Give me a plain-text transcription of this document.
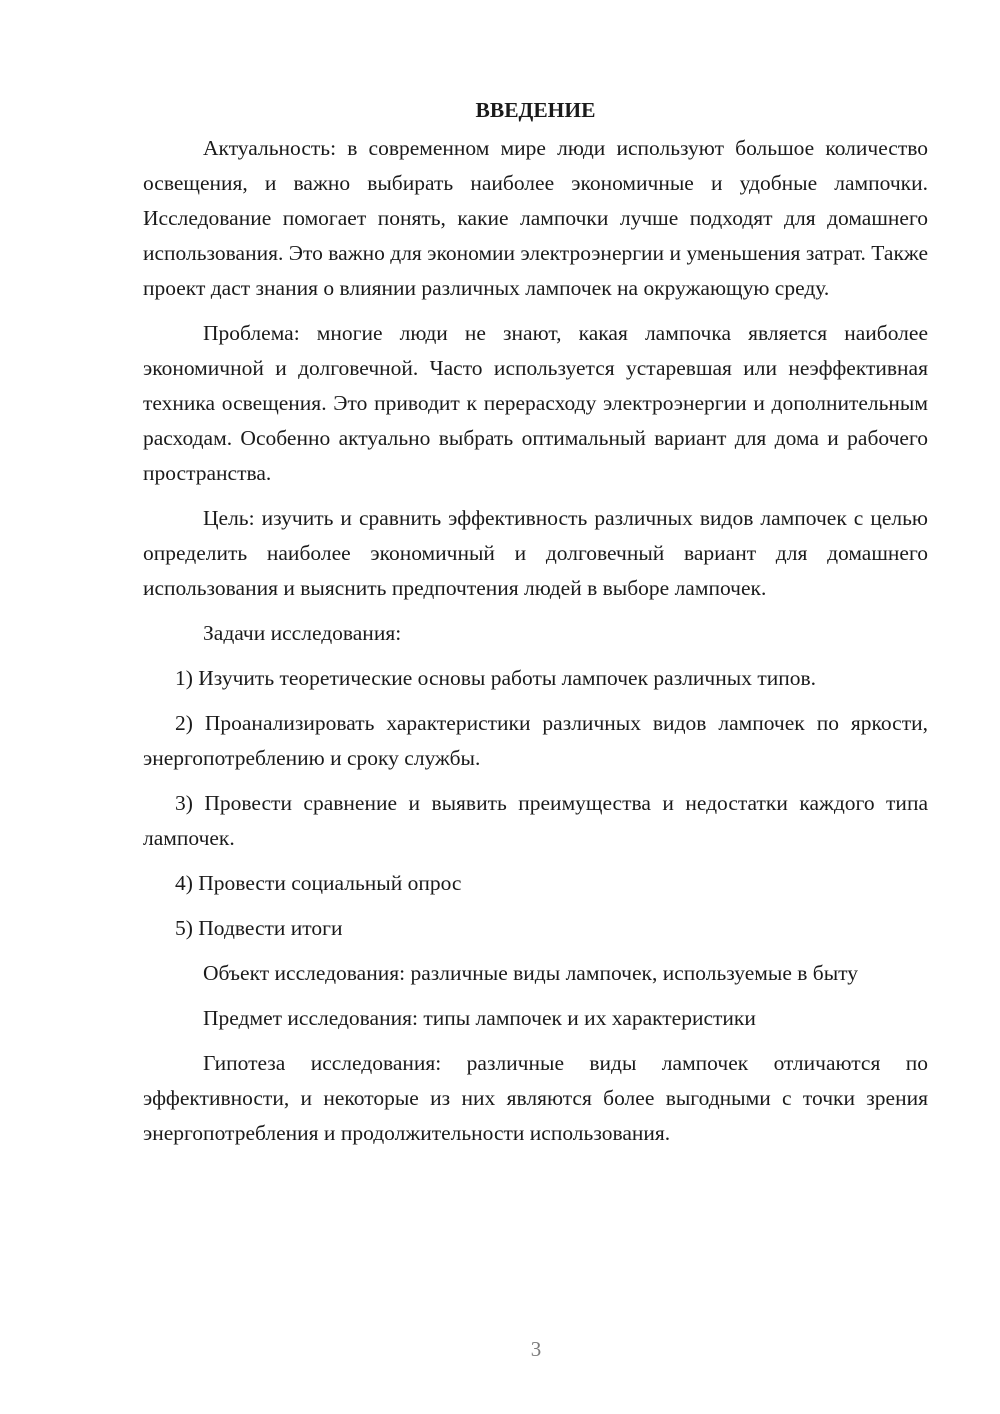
ВВЕДЕНИЕ

Актуальность: в современном мире люди используют большое количество освещения, и важно выбирать наиболее экономичные и удобные лампочки. Исследование помогает понять, какие лампочки лучше подходят для домашнего использования. Это важно для экономии электроэнергии и уменьшения затрат. Также проект даст знания о влиянии различных лампочек на окружающую среду.

Проблема: многие люди не знают, какая лампочка является наиболее экономичной и долговечной. Часто используется устаревшая или неэффективная техника освещения. Это приводит к перерасходу электроэнергии и дополнительным расходам. Особенно актуально выбрать оптимальный вариант для дома и рабочего пространства.

Цель: изучить и сравнить эффективность различных видов лампочек с целью определить наиболее экономичный и долговечный вариант для домашнего использования и выяснить предпочтения людей в выборе лампочек.

Задачи исследования:

1) Изучить теоретические основы работы лампочек различных типов.

2) Проанализировать характеристики различных видов лампочек по яркости, энергопотреблению и сроку службы.

3) Провести сравнение и выявить преимущества и недостатки каждого типа лампочек.

4) Провести социальный опрос

5) Подвести итоги

Объект исследования: различные виды лампочек, используемые в быту

Предмет исследования: типы лампочек и их характеристики

Гипотеза исследования: различные виды лампочек отличаются по эффективности, и некоторые из них являются более выгодными с точки зрения энергопотребления и продолжительности использования.

3
